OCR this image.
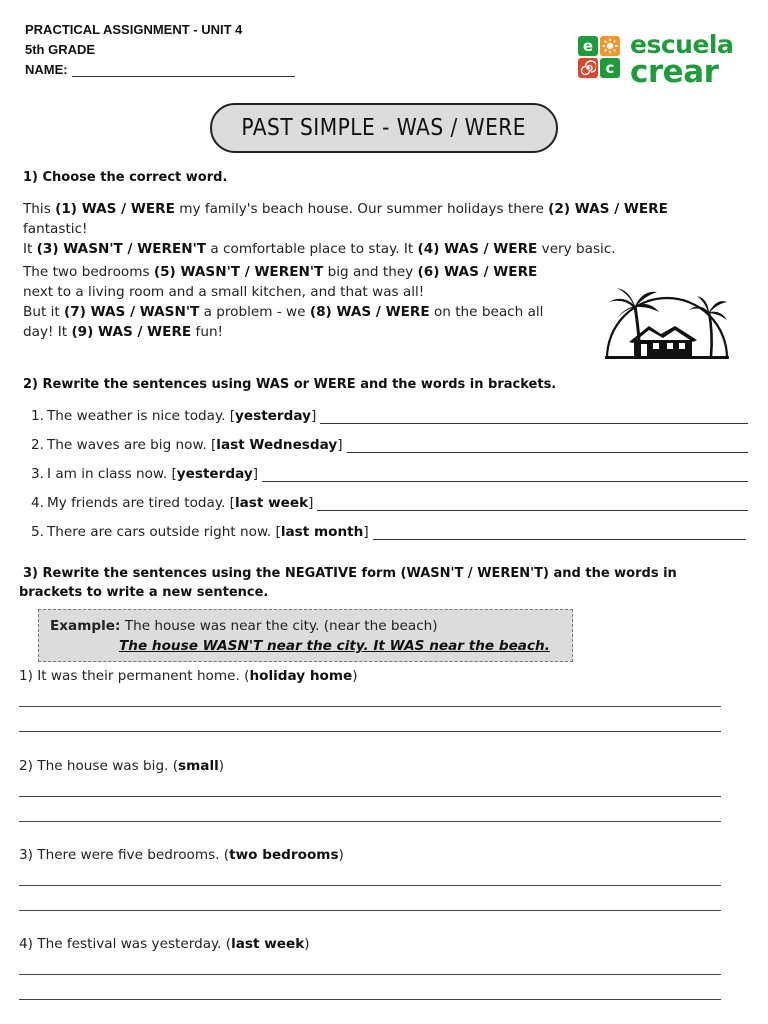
PRACTICAL ASSIGNMENT - UNIT 4
5th GRADE
NAME:
e
c
escuela
crear
PAST SIMPLE - WAS / WERE
1) Choose the correct word.
This (1) WAS / WERE my family's beach house. Our summer holidays there (2) WAS / WERE
fantastic!
It (3) WASN'T / WEREN'T a comfortable place to stay. It (4) WAS / WERE very basic.
The two bedrooms (5) WASN'T / WEREN'T big and they (6) WAS / WERE
next to a living room and a small kitchen, and that was all!
But it (7) WAS / WASN'T a problem - we (8) WAS / WERE on the beach all
day! It (9) WAS / WERE fun!
2) Rewrite the sentences using WAS or WERE and the words in brackets.
1. The weather is nice today. [ yesterday ]
2. The waves are big now. [ last Wednesday ]
3. I am in class now. [ yesterday ]
4. My friends are tired today. [ last week ]
5. There are cars outside right now. [ last month ]
3) Rewrite the sentences using the NEGATIVE form (WASN'T / WEREN'T) and the words in
brackets to write a new sentence.
Example: The house was near the city. (near the beach)
The house WASN'T near the city. It WAS near the beach.
1) It was their permanent home. (holiday home)
2) The house was big. (small)
3) There were five bedrooms. (two bedrooms)
4) The festival was yesterday. (last week)
